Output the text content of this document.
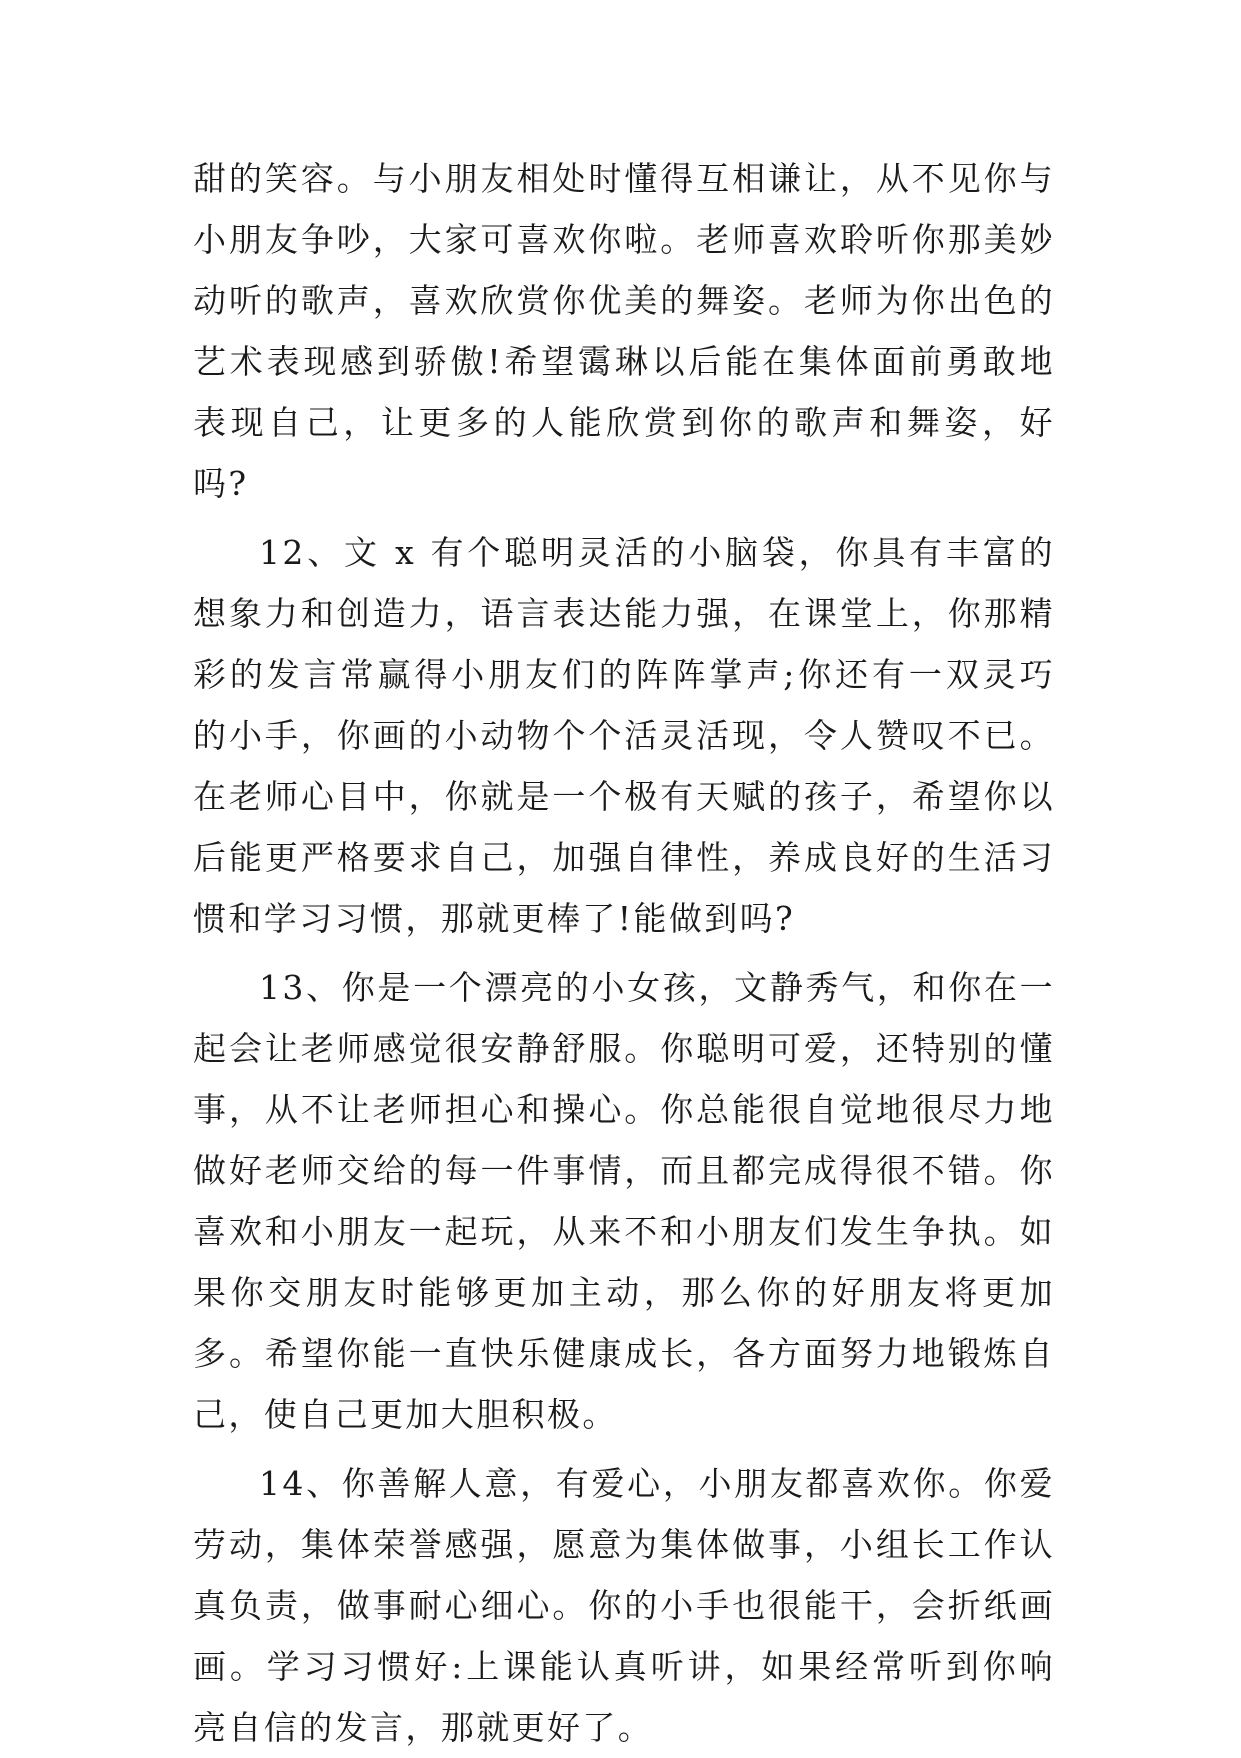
甜的笑容。与小朋友相处时懂得互相谦让，从不见你与小朋友争吵，大家可喜欢你啦。老师喜欢聆听你那美妙动听的歌声，喜欢欣赏你优美的舞姿。老师为你出色的艺术表现感到骄傲!希望霭琳以后能在集体面前勇敢地表现自己，让更多的人能欣赏到你的歌声和舞姿，好吗?

12、文 x 有个聪明灵活的小脑袋，你具有丰富的想象力和创造力，语言表达能力强，在课堂上，你那精彩的发言常赢得小朋友们的阵阵掌声;你还有一双灵巧的小手，你画的小动物个个活灵活现，令人赞叹不已。在老师心目中，你就是一个极有天赋的孩子，希望你以后能更严格要求自己，加强自律性，养成良好的生活习惯和学习习惯，那就更棒了!能做到吗?

13、你是一个漂亮的小女孩，文静秀气，和你在一起会让老师感觉很安静舒服。你聪明可爱，还特别的懂事，从不让老师担心和操心。你总能很自觉地很尽力地做好老师交给的每一件事情，而且都完成得很不错。你喜欢和小朋友一起玩，从来不和小朋友们发生争执。如果你交朋友时能够更加主动，那么你的好朋友将更加多。希望你能一直快乐健康成长，各方面努力地锻炼自己，使自己更加大胆积极。

14、你善解人意，有爱心，小朋友都喜欢你。你爱劳动，集体荣誉感强，愿意为集体做事，小组长工作认真负责，做事耐心细心。你的小手也很能干，会折纸画画。学习习惯好:上课能认真听讲，如果经常听到你响亮自信的发言，那就更好了。
